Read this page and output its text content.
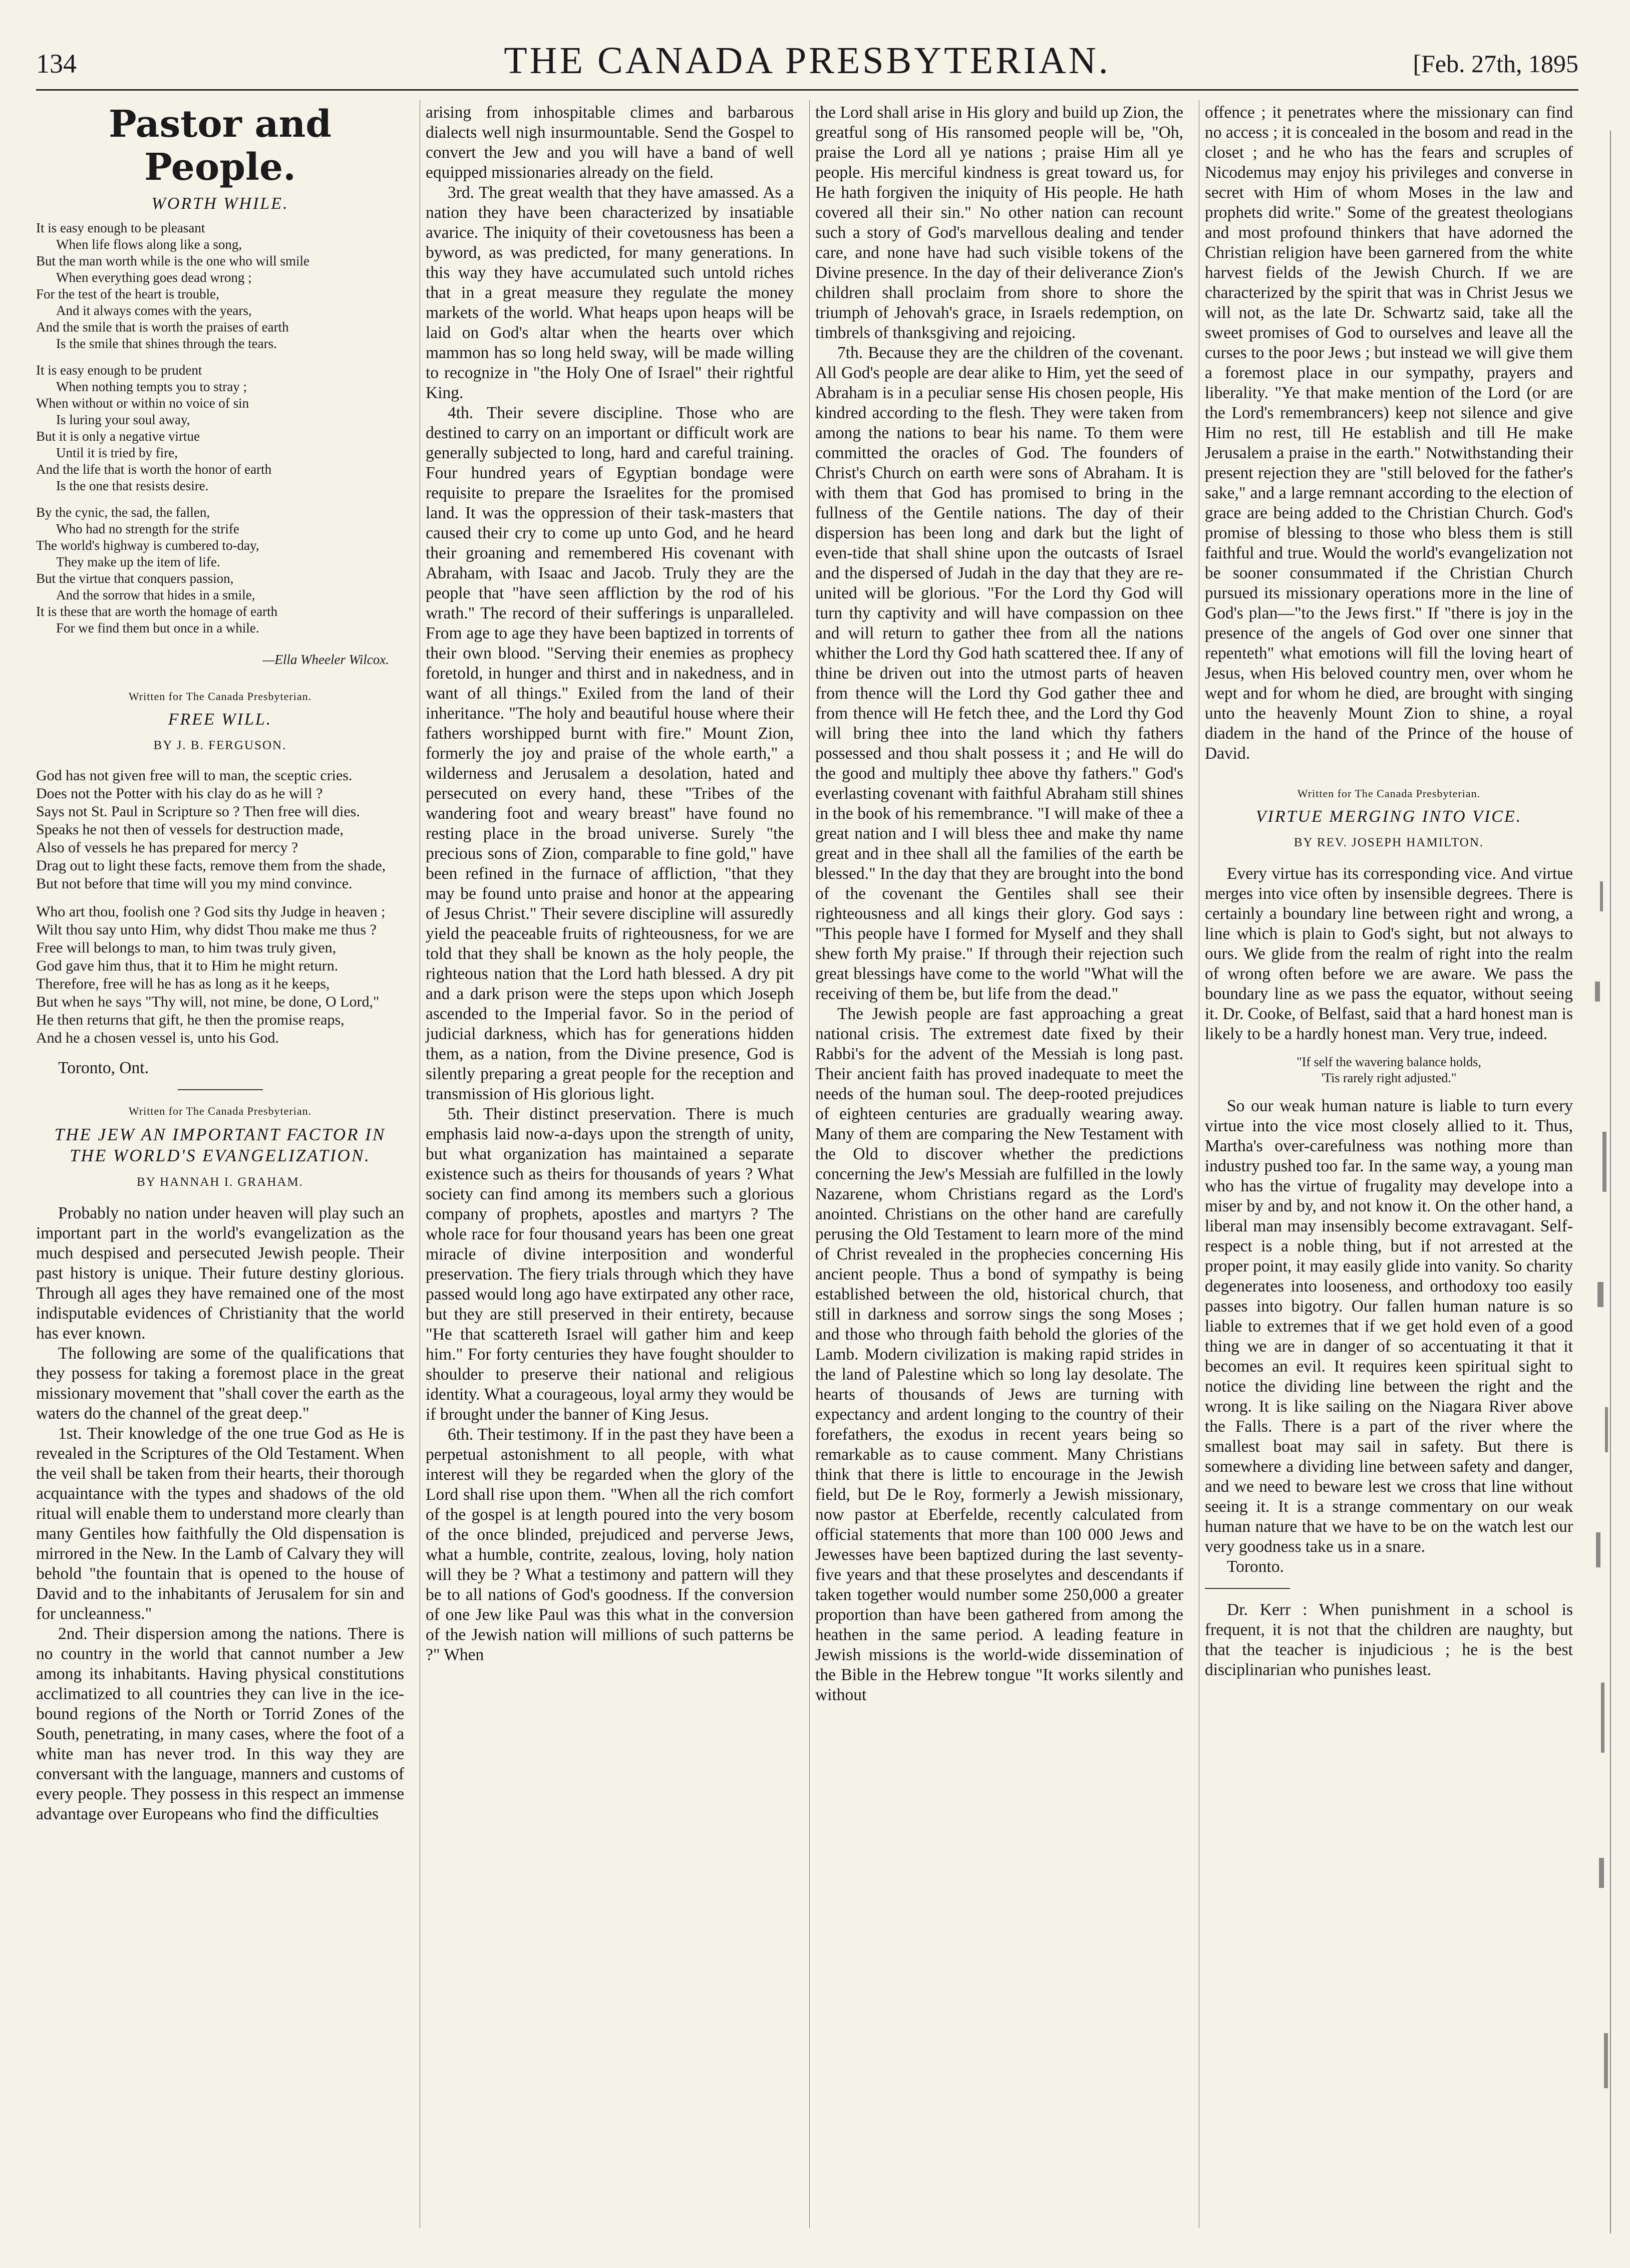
134	THE CANADA PRESBYTERIAN.	[Feb. 27th, 1895
Pastor and People.
WORTH WHILE.
It is easy enough to be pleasant
When life flows along like a song,
But the man worth while is the one who will smile
When everything goes dead wrong ;
For the test of the heart is trouble,
And it always comes with the years,
And the smile that is worth the praises of earth
Is the smile that shines through the tears.
It is easy enough to be prudent
When nothing tempts you to stray ;
When without or within no voice of sin
Is luring your soul away,
But it is only a negative virtue
Until it is tried by fire,
And the life that is worth the honor of earth
Is the one that resists desire.
By the cynic, the sad, the fallen,
Who had no strength for the strife
The world's highway is cumbered to-day,
They make up the item of life.
But the virtue that conquers passion,
And the sorrow that hides in a smile,
It is these that are worth the homage of earth
For we find them but once in a while.
—Ella Wheeler Wilcox.
Written for The Canada Presbyterian.
FREE WILL.
BY J. B. FERGUSON.
God has not given free will to man, the sceptic cries.
Does not the Potter with his clay do as he will ?
Says not St. Paul in Scripture so ? Then free will dies.
Speaks he not then of vessels for destruction made,
Also of vessels he has prepared for mercy ?
Drag out to light these facts, remove them from the shade,
But not before that time will you my mind convince.
Who art thou, foolish one ? God sits thy Judge in heaven ;
Wilt thou say unto Him, why didst Thou make me thus ?
Free will belongs to man, to him twas truly given,
God gave him thus, that it to Him he might return.
Therefore, free will he has as long as it he keeps,
But when he says "Thy will, not mine, be done, O Lord,"
He then returns that gift, he then the promise reaps,
And he a chosen vessel is, unto his God.

Toronto, Ont.

Written for The Canada Presbyterian.
THE JEW AN IMPORTANT FACTOR IN THE WORLD'S EVANGELIZATION.
BY HANNAH I. GRAHAM.

Probably no nation under heaven will play such an important part in the world's evangelization as the much despised and persecuted Jewish people. Their past history is unique. Their future destiny glorious. Through all ages they have remained one of the most indisputable evidences of Christianity that the world has ever known.

The following are some of the qualifications that they possess for taking a foremost place in the great missionary movement that "shall cover the earth as the waters do the channel of the great deep."

1st. Their knowledge of the one true God as He is revealed in the Scriptures of the Old Testament. When the veil shall be taken from their hearts, their thorough acquaintance with the types and shadows of the old ritual will enable them to understand more clearly than many Gentiles how faithfully the Old dispensation is mirrored in the New. In the Lamb of Calvary they will behold "the fountain that is opened to the house of David and to the inhabitants of Jerusalem for sin and for uncleanness."

2nd. Their dispersion among the nations. There is no country in the world that cannot number a Jew among its inhabitants. Having physical constitutions acclimatized to all countries they can live in the ice-bound regions of the North or Torrid Zones of the South, penetrating, in many cases, where the foot of a white man has never trod. In this way they are conversant with the language, manners and customs of every people. They possess in this respect an immense advantage over Europeans who find the difficulties

arising from inhospitable climes and barbarous dialects well nigh insurmountable. Send the Gospel to convert the Jew and you will have a band of well equipped missionaries already on the field.

3rd. The great wealth that they have amassed. As a nation they have been characterized by insatiable avarice. The iniquity of their covetousness has been a byword, as was predicted, for many generations. In this way they have accumulated such untold riches that in a great measure they regulate the money markets of the world. What heaps upon heaps will be laid on God's altar when the hearts over which mammon has so long held sway, will be made willing to recognize in "the Holy One of Israel" their rightful King.

4th. Their severe discipline. Those who are destined to carry on an important or difficult work are generally subjected to long, hard and careful training. Four hundred years of Egyptian bondage were requisite to prepare the Israelites for the promised land. It was the oppression of their task-masters that caused their cry to come up unto God, and he heard their groaning and remembered His covenant with Abraham, with Isaac and Jacob. Truly they are the people that "have seen affliction by the rod of his wrath." The record of their sufferings is unparalleled. From age to age they have been baptized in torrents of their own blood. "Serving their enemies as prophecy foretold, in hunger and thirst and in nakedness, and in want of all things." Exiled from the land of their inheritance. "The holy and beautiful house where their fathers worshipped burnt with fire." Mount Zion, formerly the joy and praise of the whole earth," a wilderness and Jerusalem a desolation, hated and persecuted on every hand, these "Tribes of the wandering foot and weary breast" have found no resting place in the broad universe. Surely "the precious sons of Zion, comparable to fine gold," have been refined in the furnace of affliction, "that they may be found unto praise and honor at the appearing of Jesus Christ." Their severe discipline will assuredly yield the peaceable fruits of righteousness, for we are told that they shall be known as the holy people, the righteous nation that the Lord hath blessed. A dry pit and a dark prison were the steps upon which Joseph ascended to the Imperial favor. So in the period of judicial darkness, which has for generations hidden them, as a nation, from the Divine presence, God is silently preparing a great people for the reception and transmission of His glorious light.

5th. Their distinct preservation. There is much emphasis laid now-a-days upon the strength of unity, but what organization has maintained a separate existence such as theirs for thousands of years ? What society can find among its members such a glorious company of prophets, apostles and martyrs ? The whole race for four thousand years has been one great miracle of divine interposition and wonderful preservation. The fiery trials through which they have passed would long ago have extirpated any other race, but they are still preserved in their entirety, because "He that scattereth Israel will gather him and keep him." For forty centuries they have fought shoulder to shoulder to preserve their national and religious identity. What a courageous, loyal army they would be if brought under the banner of King Jesus.

6th. Their testimony. If in the past they have been a perpetual astonishment to all people, with what interest will they be regarded when the glory of the Lord shall rise upon them. "When all the rich comfort of the gospel is at length poured into the very bosom of the once blinded, prejudiced and perverse Jews, what a humble, contrite, zealous, loving, holy nation will they be ? What a testimony and pattern will they be to all nations of God's goodness. If the conversion of one Jew like Paul was this what in the conversion of the Jewish nation will millions of such patterns be ?" When

the Lord shall arise in His glory and build up Zion, the greatful song of His ransomed people will be, "Oh, praise the Lord all ye nations ; praise Him all ye people. His merciful kindness is great toward us, for He hath forgiven the iniquity of His people. He hath covered all their sin." No other nation can recount such a story of God's marvellous dealing and tender care, and none have had such visible tokens of the Divine presence. In the day of their deliverance Zion's children shall proclaim from shore to shore the triumph of Jehovah's grace, in Israels redemption, on timbrels of thanksgiving and rejoicing.

7th. Because they are the children of the covenant. All God's people are dear alike to Him, yet the seed of Abraham is in a peculiar sense His chosen people, His kindred according to the flesh. They were taken from among the nations to bear his name. To them were committed the oracles of God. The founders of Christ's Church on earth were sons of Abraham. It is with them that God has promised to bring in the fullness of the Gentile nations. The day of their dispersion has been long and dark but the light of even-tide that shall shine upon the outcasts of Israel and the dispersed of Judah in the day that they are re-united will be glorious. "For the Lord thy God will turn thy captivity and will have compassion on thee and will return to gather thee from all the nations whither the Lord thy God hath scattered thee. If any of thine be driven out into the utmost parts of heaven from thence will the Lord thy God gather thee and from thence will He fetch thee, and the Lord thy God will bring thee into the land which thy fathers possessed and thou shalt possess it ; and He will do the good and multiply thee above thy fathers." God's everlasting covenant with faithful Abraham still shines in the book of his remembrance. "I will make of thee a great nation and I will bless thee and make thy name great and in thee shall all the families of the earth be blessed." In the day that they are brought into the bond of the covenant the Gentiles shall see their righteousness and all kings their glory. God says : "This people have I formed for Myself and they shall shew forth My praise." If through their rejection such great blessings have come to the world "What will the receiving of them be, but life from the dead."

The Jewish people are fast approaching a great national crisis. The extremest date fixed by their Rabbi's for the advent of the Messiah is long past. Their ancient faith has proved inadequate to meet the needs of the human soul. The deep-rooted prejudices of eighteen centuries are gradually wearing away. Many of them are comparing the New Testament with the Old to discover whether the predictions concerning the Jew's Messiah are fulfilled in the lowly Nazarene, whom Christians regard as the Lord's anointed. Christians on the other hand are carefully perusing the Old Testament to learn more of the mind of Christ revealed in the prophecies concerning His ancient people. Thus a bond of sympathy is being established between the old, historical church, that still in darkness and sorrow sings the song Moses ; and those who through faith behold the glories of the Lamb. Modern civilization is making rapid strides in the land of Palestine which so long lay desolate. The hearts of thousands of Jews are turning with expectancy and ardent longing to the country of their forefathers, the exodus in recent years being so remarkable as to cause comment. Many Christians think that there is little to encourage in the Jewish field, but De le Roy, formerly a Jewish missionary, now pastor at Eberfelde, recently calculated from official statements that more than 100 000 Jews and Jewesses have been baptized during the last seventy-five years and that these proselytes and descendants if taken together would number some 250,000 a greater proportion than have been gathered from among the heathen in the same period. A leading feature in Jewish missions is the world-wide dissemination of the Bible in the Hebrew tongue "It works silently and without

offence ; it penetrates where the missionary can find no access ; it is concealed in the bosom and read in the closet ; and he who has the fears and scruples of Nicodemus may enjoy his privileges and converse in secret with Him of whom Moses in the law and prophets did write." Some of the greatest theologians and most profound thinkers that have adorned the Christian religion have been garnered from the white harvest fields of the Jewish Church. If we are characterized by the spirit that was in Christ Jesus we will not, as the late Dr. Schwartz said, take all the sweet promises of God to ourselves and leave all the curses to the poor Jews ; but instead we will give them a foremost place in our sympathy, prayers and liberality. "Ye that make mention of the Lord (or are the Lord's remembrancers) keep not silence and give Him no rest, till He establish and till He make Jerusalem a praise in the earth." Notwithstanding their present rejection they are "still beloved for the father's sake," and a large remnant according to the election of grace are being added to the Christian Church. God's promise of blessing to those who bless them is still faithful and true. Would the world's evangelization not be sooner consummated if the Christian Church pursued its missionary operations more in the line of God's plan—"to the Jews first." If "there is joy in the presence of the angels of God over one sinner that repenteth" what emotions will fill the loving heart of Jesus, when His beloved country men, over whom he wept and for whom he died, are brought with singing unto the heavenly Mount Zion to shine, a royal diadem in the hand of the Prince of the house of David.

Written for The Canada Presbyterian.
VIRTUE MERGING INTO VICE.
BY REV. JOSEPH HAMILTON.

Every virtue has its corresponding vice. And virtue merges into vice often by insensible degrees. There is certainly a boundary line between right and wrong, a line which is plain to God's sight, but not always to ours. We glide from the realm of right into the realm of wrong often before we are aware. We pass the boundary line as we pass the equator, without seeing it. Dr. Cooke, of Belfast, said that a hard honest man is likely to be a hardly honest man. Very true, indeed.

"If self the wavering balance holds,
'Tis rarely right adjusted."

So our weak human nature is liable to turn every virtue into the vice most closely allied to it. Thus, Martha's over-carefulness was nothing more than industry pushed too far. In the same way, a young man who has the virtue of frugality may develope into a miser by and by, and not know it. On the other hand, a liberal man may insensibly become extravagant. Self-respect is a noble thing, but if not arrested at the proper point, it may easily glide into vanity. So charity degenerates into looseness, and orthodoxy too easily passes into bigotry. Our fallen human nature is so liable to extremes that if we get hold even of a good thing we are in danger of so accentuating it that it becomes an evil. It requires keen spiritual sight to notice the dividing line between the right and the wrong. It is like sailing on the Niagara River above the Falls. There is a part of the river where the smallest boat may sail in safety. But there is somewhere a dividing line between safety and danger, and we need to beware lest we cross that line without seeing it. It is a strange commentary on our weak human nature that we have to be on the watch lest our very goodness take us in a snare.

Toronto.

Dr. Kerr : When punishment in a school is frequent, it is not that the children are naughty, but that the teacher is injudicious ; he is the best disciplinarian who punishes least.
